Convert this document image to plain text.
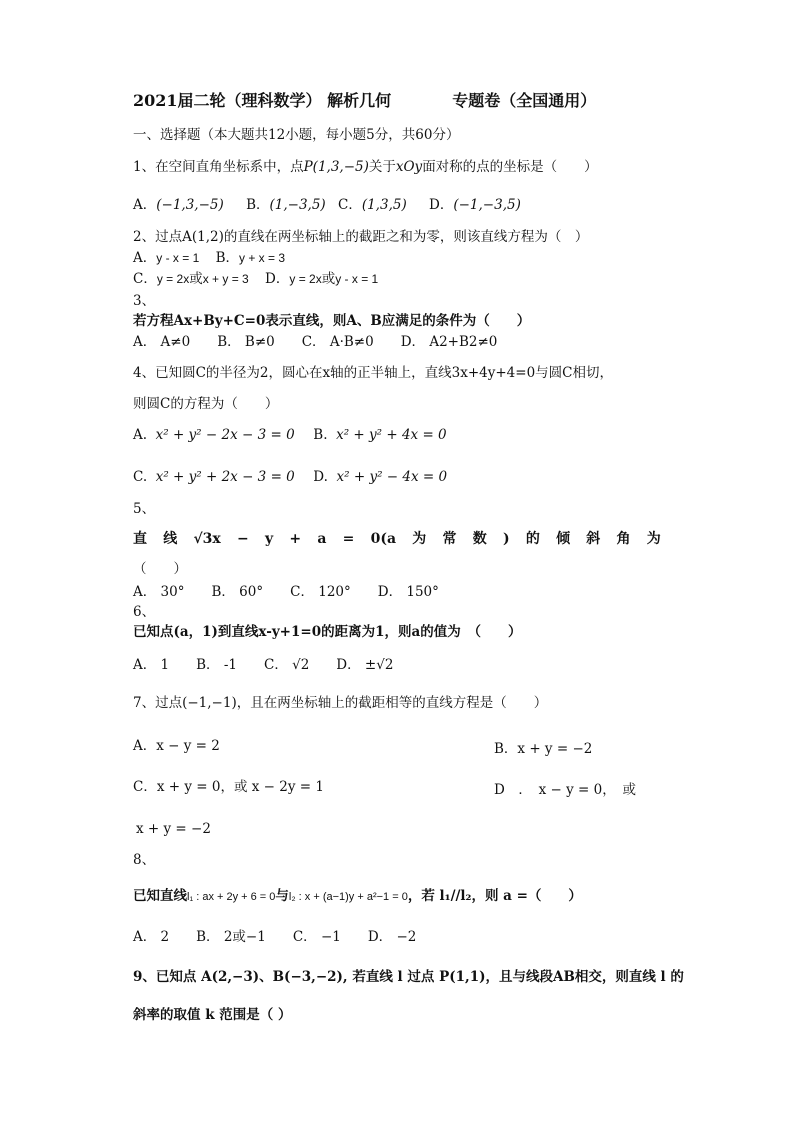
2021届二轮（理科数学） 解析几何	专题卷（全国通用）
一、选择题（本大题共12小题，每小题5分，共60分）
1、在空间直角坐标系中，点P(1,3,−5)关于xOy面对称的点的坐标是（　　）
A．(−1,3,−5) B．(1,−3,5) C．(1,3,5) D．(−1,−3,5)
2、过点A(1,2)的直线在两坐标轴上的截距之和为零，则该直线方程为（　）
A．y - x = 1 B．y + x = 3
C．y = 2x或x + y = 3 D．y = 2x或y - x = 1
3、
若方程Ax+By+C=0表示直线，则A、B应满足的条件为（　　）
A． A≠0　　B． B≠0　　C． A·B≠0　　D． A2+B2≠0
4、已知圆C的半径为2，圆心在x轴的正半轴上，直线3x+4y+4=0与圆C相切，
则圆C的方程为（　　）
A. x² + y² − 2x − 3 = 0 B. x² + y² + 4x = 0
C. x² + y² + 2x − 3 = 0 D. x² + y² − 4x = 0
5、
直 线 √3x − y + a = 0(a 为 常 数 ) 的 倾 斜 角 为
（　　）
A． 30°　　B． 60°　　C． 120°　　D． 150°
6、
已知点(a，1)到直线x-y+1=0的距离为1，则a的值为　（　　）
A． 1　　B． -1　　C． √2　　D． ±√2
7、过点(−1,−1)，且在两坐标轴上的截距相等的直线方程是（　　）
A．x − y = 2	B．x + y = −2
C．x + y = 0，或 x − 2y = 1	D　．　x − y = 0，　或
x + y = −2
8、
已知直线l₁ : ax + 2y + 6 = 0与l₂ : x + (a−1)y + a²−1 = 0，若 l₁//l₂，则 a =（　　）
A． 2　　B． 2或−1　　C． −1　　D． −2
9、已知点 A(2,−3)、B(−3,−2), 若直线 l 过点 P(1,1)，且与线段AB相交，则直线 l 的
斜率的取值 k 范围是（ ）
